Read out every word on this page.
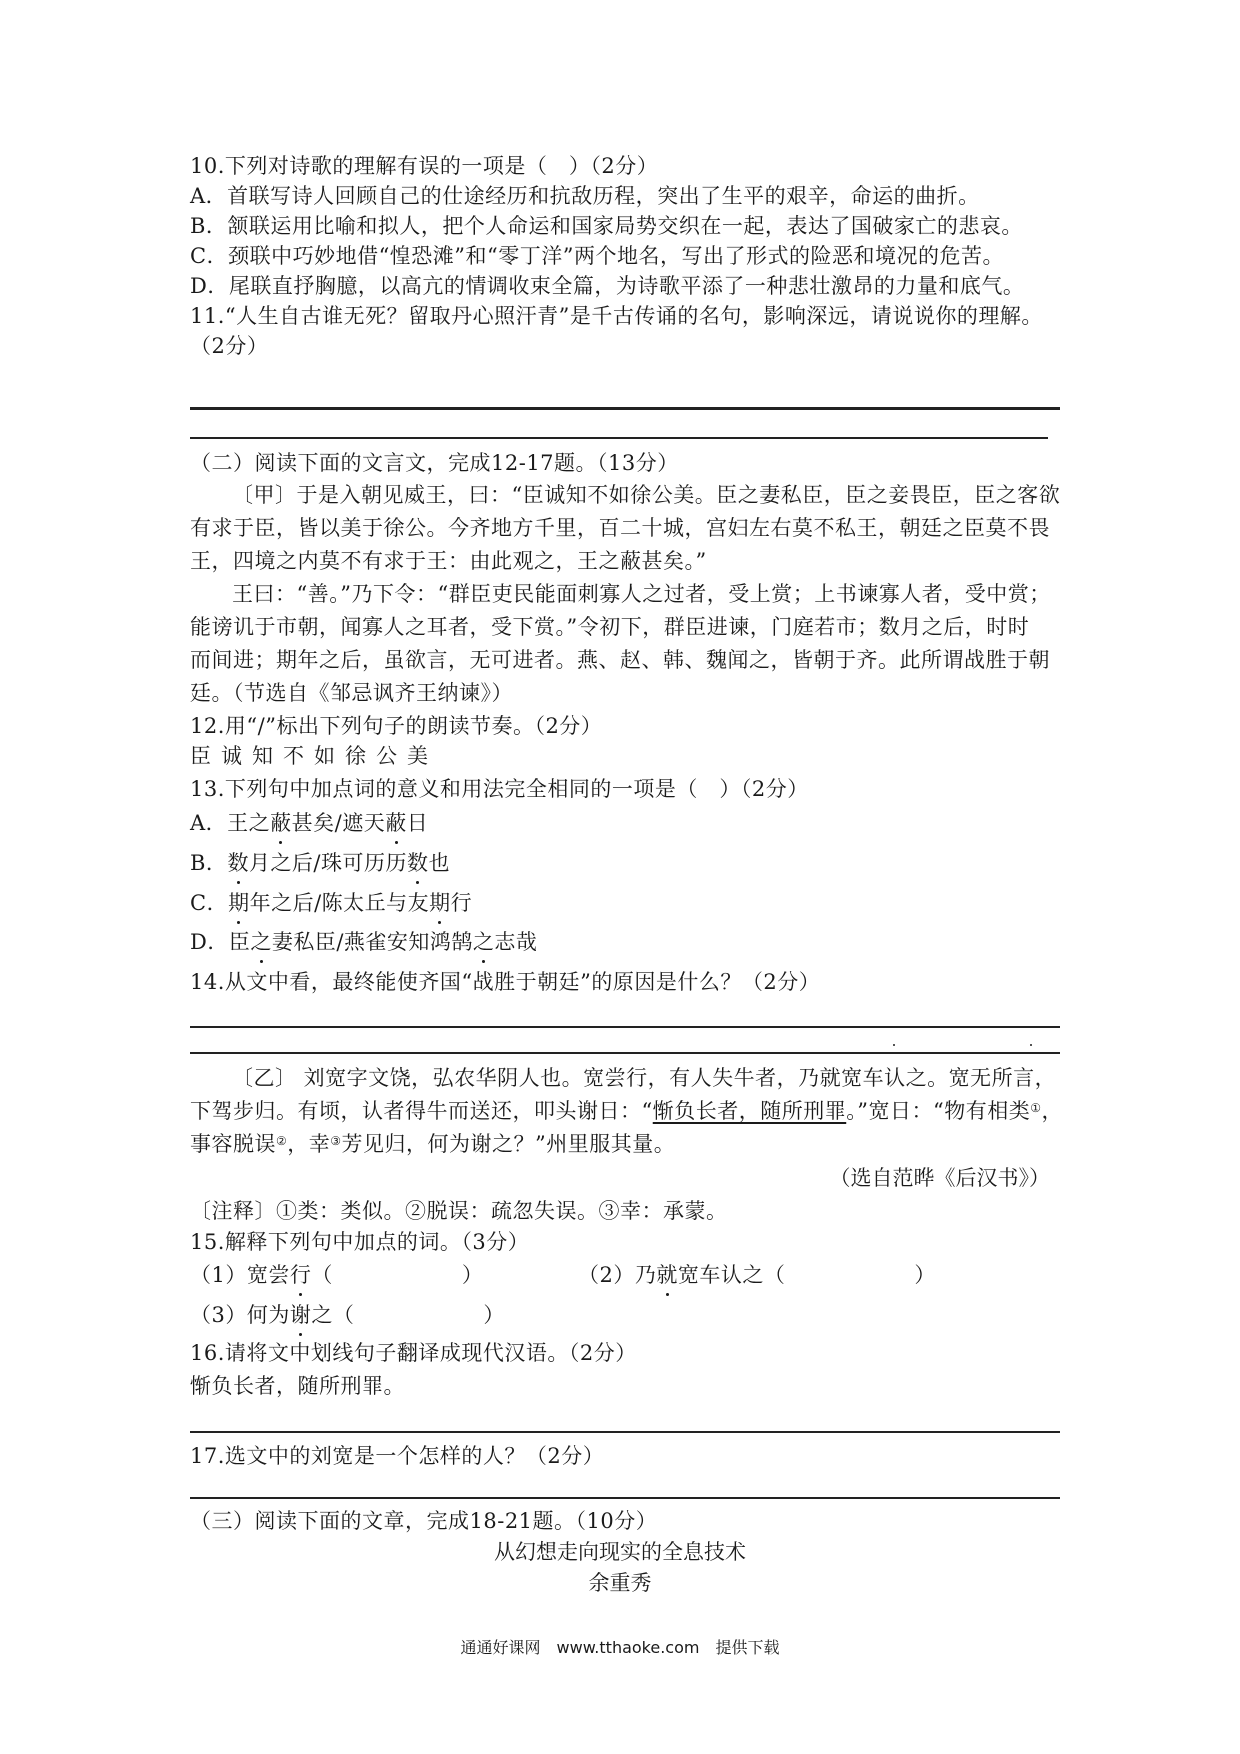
10.下列对诗歌的理解有误的一项是（　）（2分）
A．首联写诗人回顾自己的仕途经历和抗敌历程，突出了生平的艰辛，命运的曲折。
B．颔联运用比喻和拟人，把个人命运和国家局势交织在一起，表达了国破家亡的悲哀。
C．颈联中巧妙地借“惶恐滩”和“零丁洋”两个地名，写出了形式的险恶和境况的危苦。
D．尾联直抒胸臆，以高亢的情调收束全篇，为诗歌平添了一种悲壮激昂的力量和底气。
11.“人生自古谁无死？留取丹心照汗青”是千古传诵的名句，影响深远，请说说你的理解。
（2分）
（二）阅读下面的文言文，完成12-17题。（13分）
〔甲〕于是入朝见威王，曰：“臣诚知不如徐公美。臣之妻私臣，臣之妾畏臣，臣之客欲
有求于臣，皆以美于徐公。今齐地方千里，百二十城，宫妇左右莫不私王，朝廷之臣莫不畏
王，四境之内莫不有求于王：由此观之，王之蔽甚矣。”
王曰：“善。”乃下令：“群臣吏民能面刺寡人之过者，受上赏；上书谏寡人者，受中赏；
能谤讥于市朝，闻寡人之耳者，受下赏。”令初下，群臣进谏，门庭若市；数月之后，时时
而间进；期年之后，虽欲言，无可进者。燕、赵、韩、魏闻之，皆朝于齐。此所谓战胜于朝
廷。（节选自《邹忌讽齐王纳谏》）
12.用“/”标出下列句子的朗读节奏。（2分）
臣诚知不如徐公美
13.下列句中加点词的意义和用法完全相同的一项是（　）（2分）
A．王之蔽甚矣/遮天蔽日
B．数月之后/珠可历历数也
C．期年之后/陈太丘与友期行
D．臣之妻私臣/燕雀安知鸿鹄之志哉
14.从文中看，最终能使齐国“战胜于朝廷”的原因是什么？（2分）
〔乙〕 刘宽字文饶，弘农华阴人也。宽尝行，有人失牛者，乃就宽车认之。宽无所言，
下驾步归。有顷，认者得牛而送还，叩头谢日：“惭负长者，随所刑罪。”宽日：“物有相类①，
事容脱误②，幸③芳见归，何为谢之？”州里服其量。
（选自范晔《后汉书》）
〔注释〕①类：类似。②脱误：疏忽失误。③幸：承蒙。
15.解释下列句中加点的词。（3分）
（1）宽尝行（　　　　　　）	（2）乃就宽车认之（　　　　　　）
（3）何为谢之（　　　　　　）
16.请将文中划线句子翻译成现代汉语。（2分）
惭负长者，随所刑罪。
17.选文中的刘宽是一个怎样的人？（2分）
（三）阅读下面的文章，完成18-21题。（10分）
从幻想走向现实的全息技术
余重秀
通通好课网　www.tthaoke.com　提供下载
